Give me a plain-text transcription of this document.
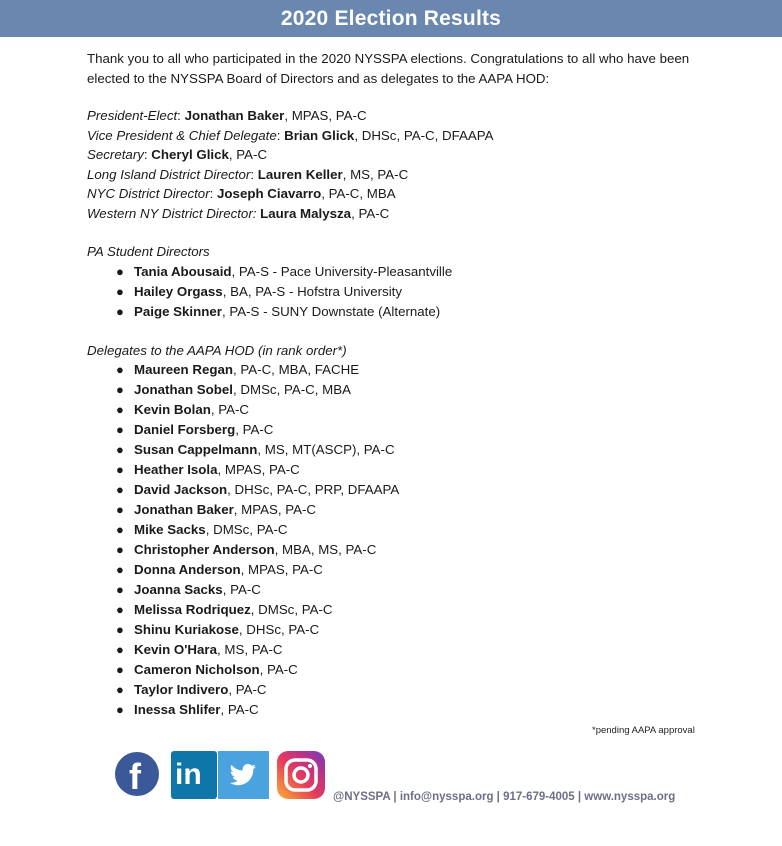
2020 Election Results

Thank you to all who participated in the 2020 NYSSPA elections. Congratulations to all who have been elected to the NYSSPA Board of Directors and as delegates to the AAPA HOD:

President-Elect: Jonathan Baker, MPAS, PA-C
Vice President & Chief Delegate: Brian Glick, DHSc, PA-C, DFAAPA
Secretary: Cheryl Glick, PA-C
Long Island District Director: Lauren Keller, MS, PA-C
NYC District Director: Joseph Ciavarro, PA-C, MBA
Western NY District Director: Laura Malysza, PA-C

PA Student Directors

● Tania Abousaid, PA-S - Pace University-Pleasantville
● Hailey Orgass, BA, PA-S - Hofstra University
● Paige Skinner, PA-S - SUNY Downstate (Alternate)

Delegates to the AAPA HOD (in rank order*)

● Maureen Regan, PA-C, MBA, FACHE
● Jonathan Sobel, DMSc, PA-C, MBA
● Kevin Bolan, PA-C
● Daniel Forsberg, PA-C
● Susan Cappelmann, MS, MT(ASCP), PA-C
● Heather Isola, MPAS, PA-C
● David Jackson, DHSc, PA-C, PRP, DFAAPA
● Jonathan Baker, MPAS, PA-C
● Mike Sacks, DMSc, PA-C
● Christopher Anderson, MBA, MS, PA-C
● Donna Anderson, MPAS, PA-C
● Joanna Sacks, PA-C
● Melissa Rodriquez, DMSc, PA-C
● Shinu Kuriakose, DHSc, PA-C
● Kevin O'Hara, MS, PA-C
● Cameron Nicholson, PA-C
● Taylor Indivero, PA-C
● Inessa Shlifer, PA-C
*pending AAPA approval
f in
@NYSSPA | info@nysspa.org | 917-679-4005 | www.nysspa.org
